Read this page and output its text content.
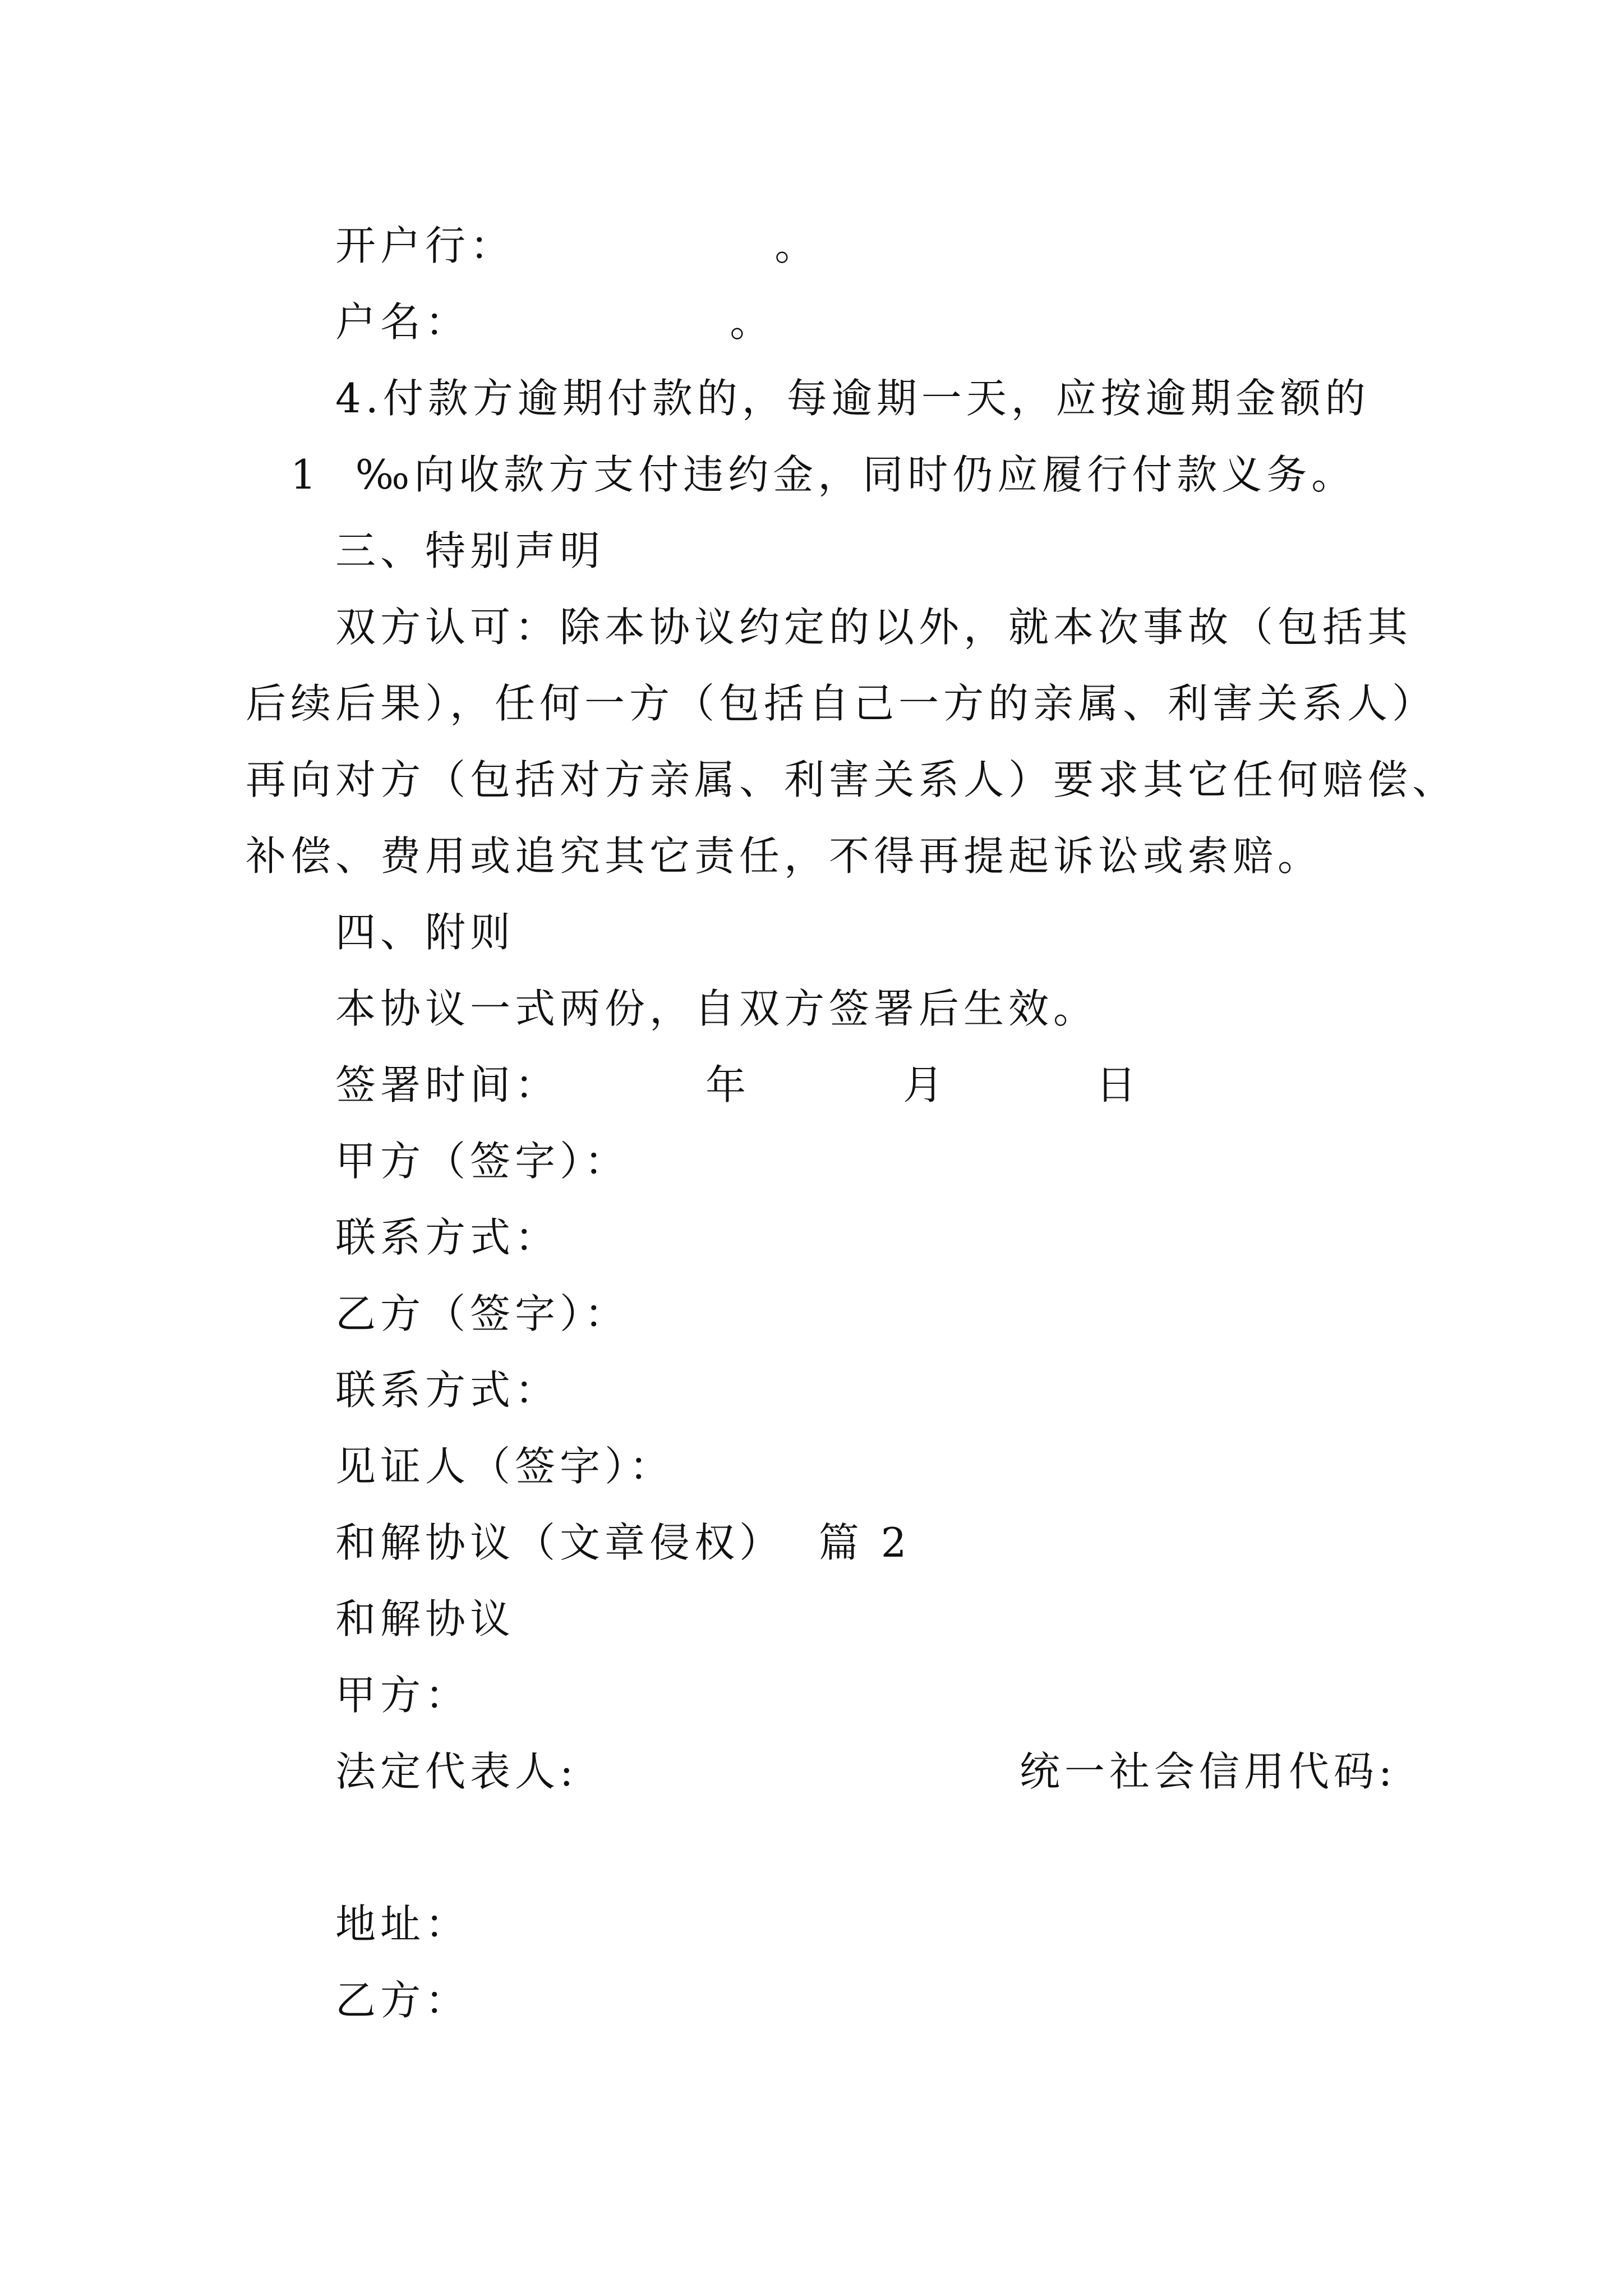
开户行：               。
户名：               。
4.付款方逾期付款的，每逾期一天，应按逾期金额的
1  ‰向收款方支付违约金，同时仍应履行付款义务。
三、特别声明
双方认可：除本协议约定的以外，就本次事故（包括其
后续后果），任何一方（包括自己一方的亲属、利害关系人）
再向对方（包括对方亲属、利害关系人）要求其它任何赔偿、
补偿、费用或追究其它责任，不得再提起诉讼或索赔。
四、附则
本协议一式两份，自双方签署后生效。
签署时间：	年	月	日
甲方（签字）：
联系方式：
乙方（签字）：
联系方式：
见证人（签字）：
和解协议（文章侵权）  篇 2
和解协议
甲方：
法定代表人:	统一社会信用代码:
地址：
乙方：
